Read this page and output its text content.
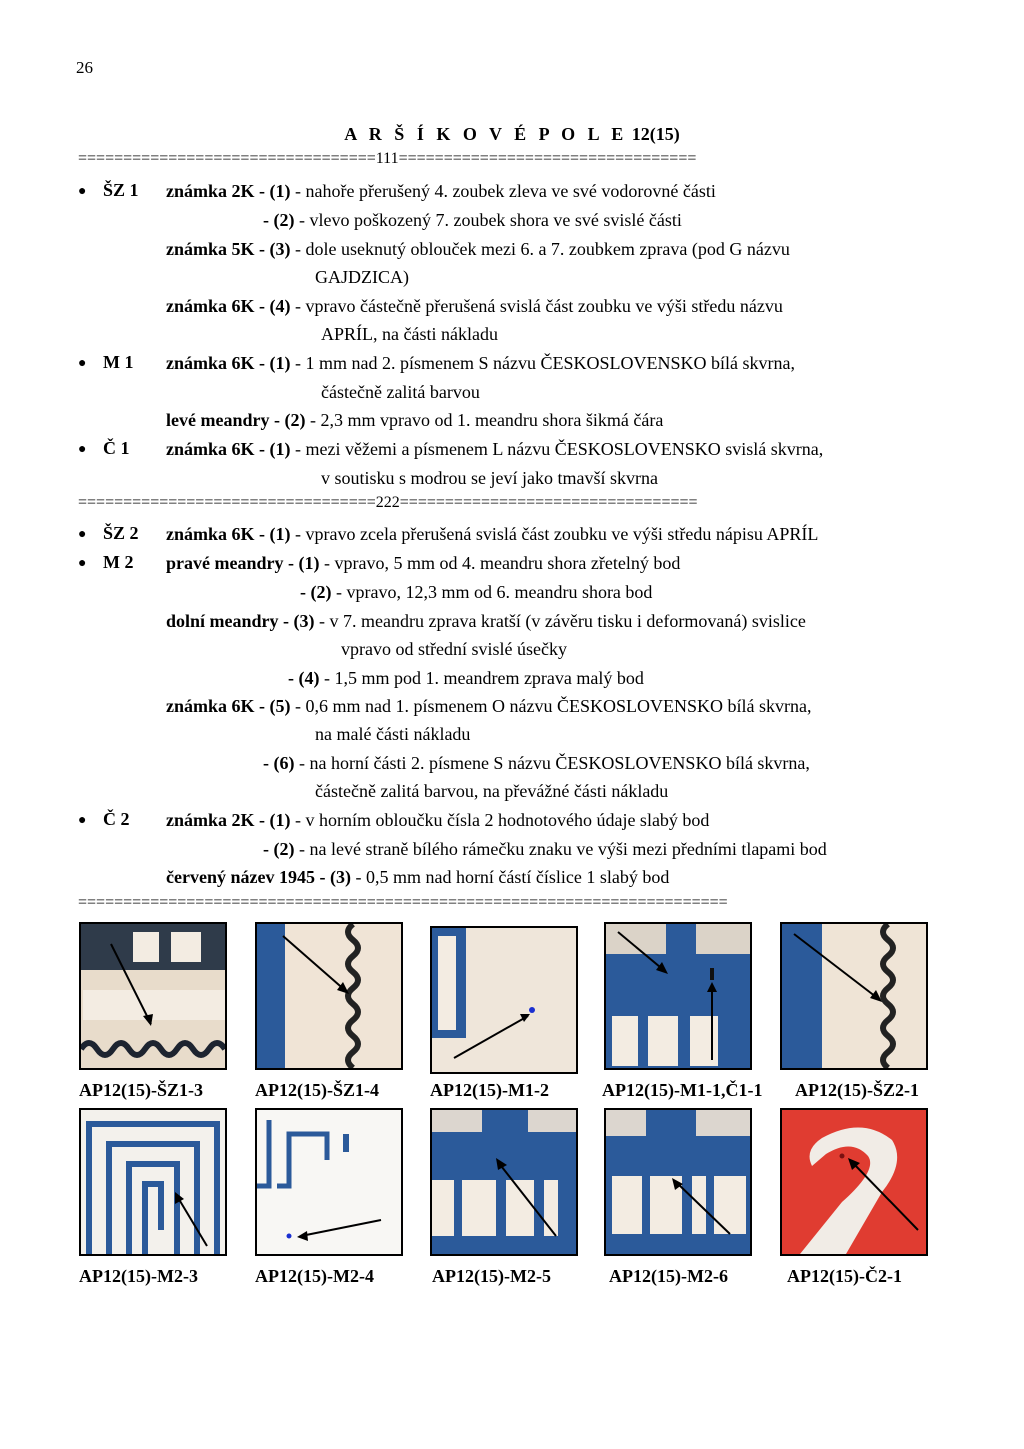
26
A R Š Í K O V É P O L E 12(15)
=================================111=================================
● ŠZ 1 známka 2K - (1) - nahoře přerušený 4. zoubek zleva ve své vodorovné části
- (2) - vlevo poškozený 7. zoubek shora ve své svislé části
známka 5K - (3) - dole useknutý oblouček mezi 6. a 7. zoubkem zprava (pod G názvu
GAJDZICA)
známka 6K - (4) - vpravo částečně přerušená svislá část zoubku ve výši středu názvu
APRÍL, na části nákladu
● M 1 známka 6K - (1) - 1 mm nad 2. písmenem S názvu ČESKOSLOVENSKO bílá skvrna,
částečně zalitá barvou
levé meandry - (2) - 2,3 mm vpravo od 1. meandru shora šikmá čára
● Č 1 známka 6K - (1) - mezi věžemi a písmenem L názvu ČESKOSLOVENSKO svislá skvrna,
v soutisku s modrou se jeví jako tmavší skvrna
=================================222=================================
● ŠZ 2 známka 6K - (1) - vpravo zcela přerušená svislá část zoubku ve výši středu nápisu APRÍL
● M 2 pravé meandry - (1) - vpravo, 5 mm od 4. meandru shora zřetelný bod
- (2) - vpravo, 12,3 mm od 6. meandru shora bod
dolní meandry - (3) - v 7. meandru zprava kratší (v závěru tisku i deformovaná) svislice
vpravo od střední svislé úsečky
- (4) - 1,5 mm pod 1. meandrem zprava malý bod
známka 6K - (5) - 0,6 mm nad 1. písmenem O názvu ČESKOSLOVENSKO bílá skvrna,
na malé části nákladu
- (6) - na horní části 2. písmene S názvu ČESKOSLOVENSKO bílá skvrna,
částečně zalitá barvou, na převážné části nákladu
● Č 2 známka 2K - (1) - v horním obloučku čísla 2 hodnotového údaje slabý bod
- (2) - na levé straně bílého rámečku znaku ve výši mezi předními tlapami bod
červený název 1945 - (3) - 0,5 mm nad horní částí číslice 1 slabý bod
========================================================================
AP12(15)-ŠZ1-3	AP12(15)-ŠZ1-4	AP12(15)-M1-2	AP12(15)-M1-1,Č1-1 AP12(15)-ŠZ2-1
AP12(15)-M2-3	AP12(15)-M2-4	AP12(15)-M2-5	AP12(15)-M2-6	AP12(15)-Č2-1
